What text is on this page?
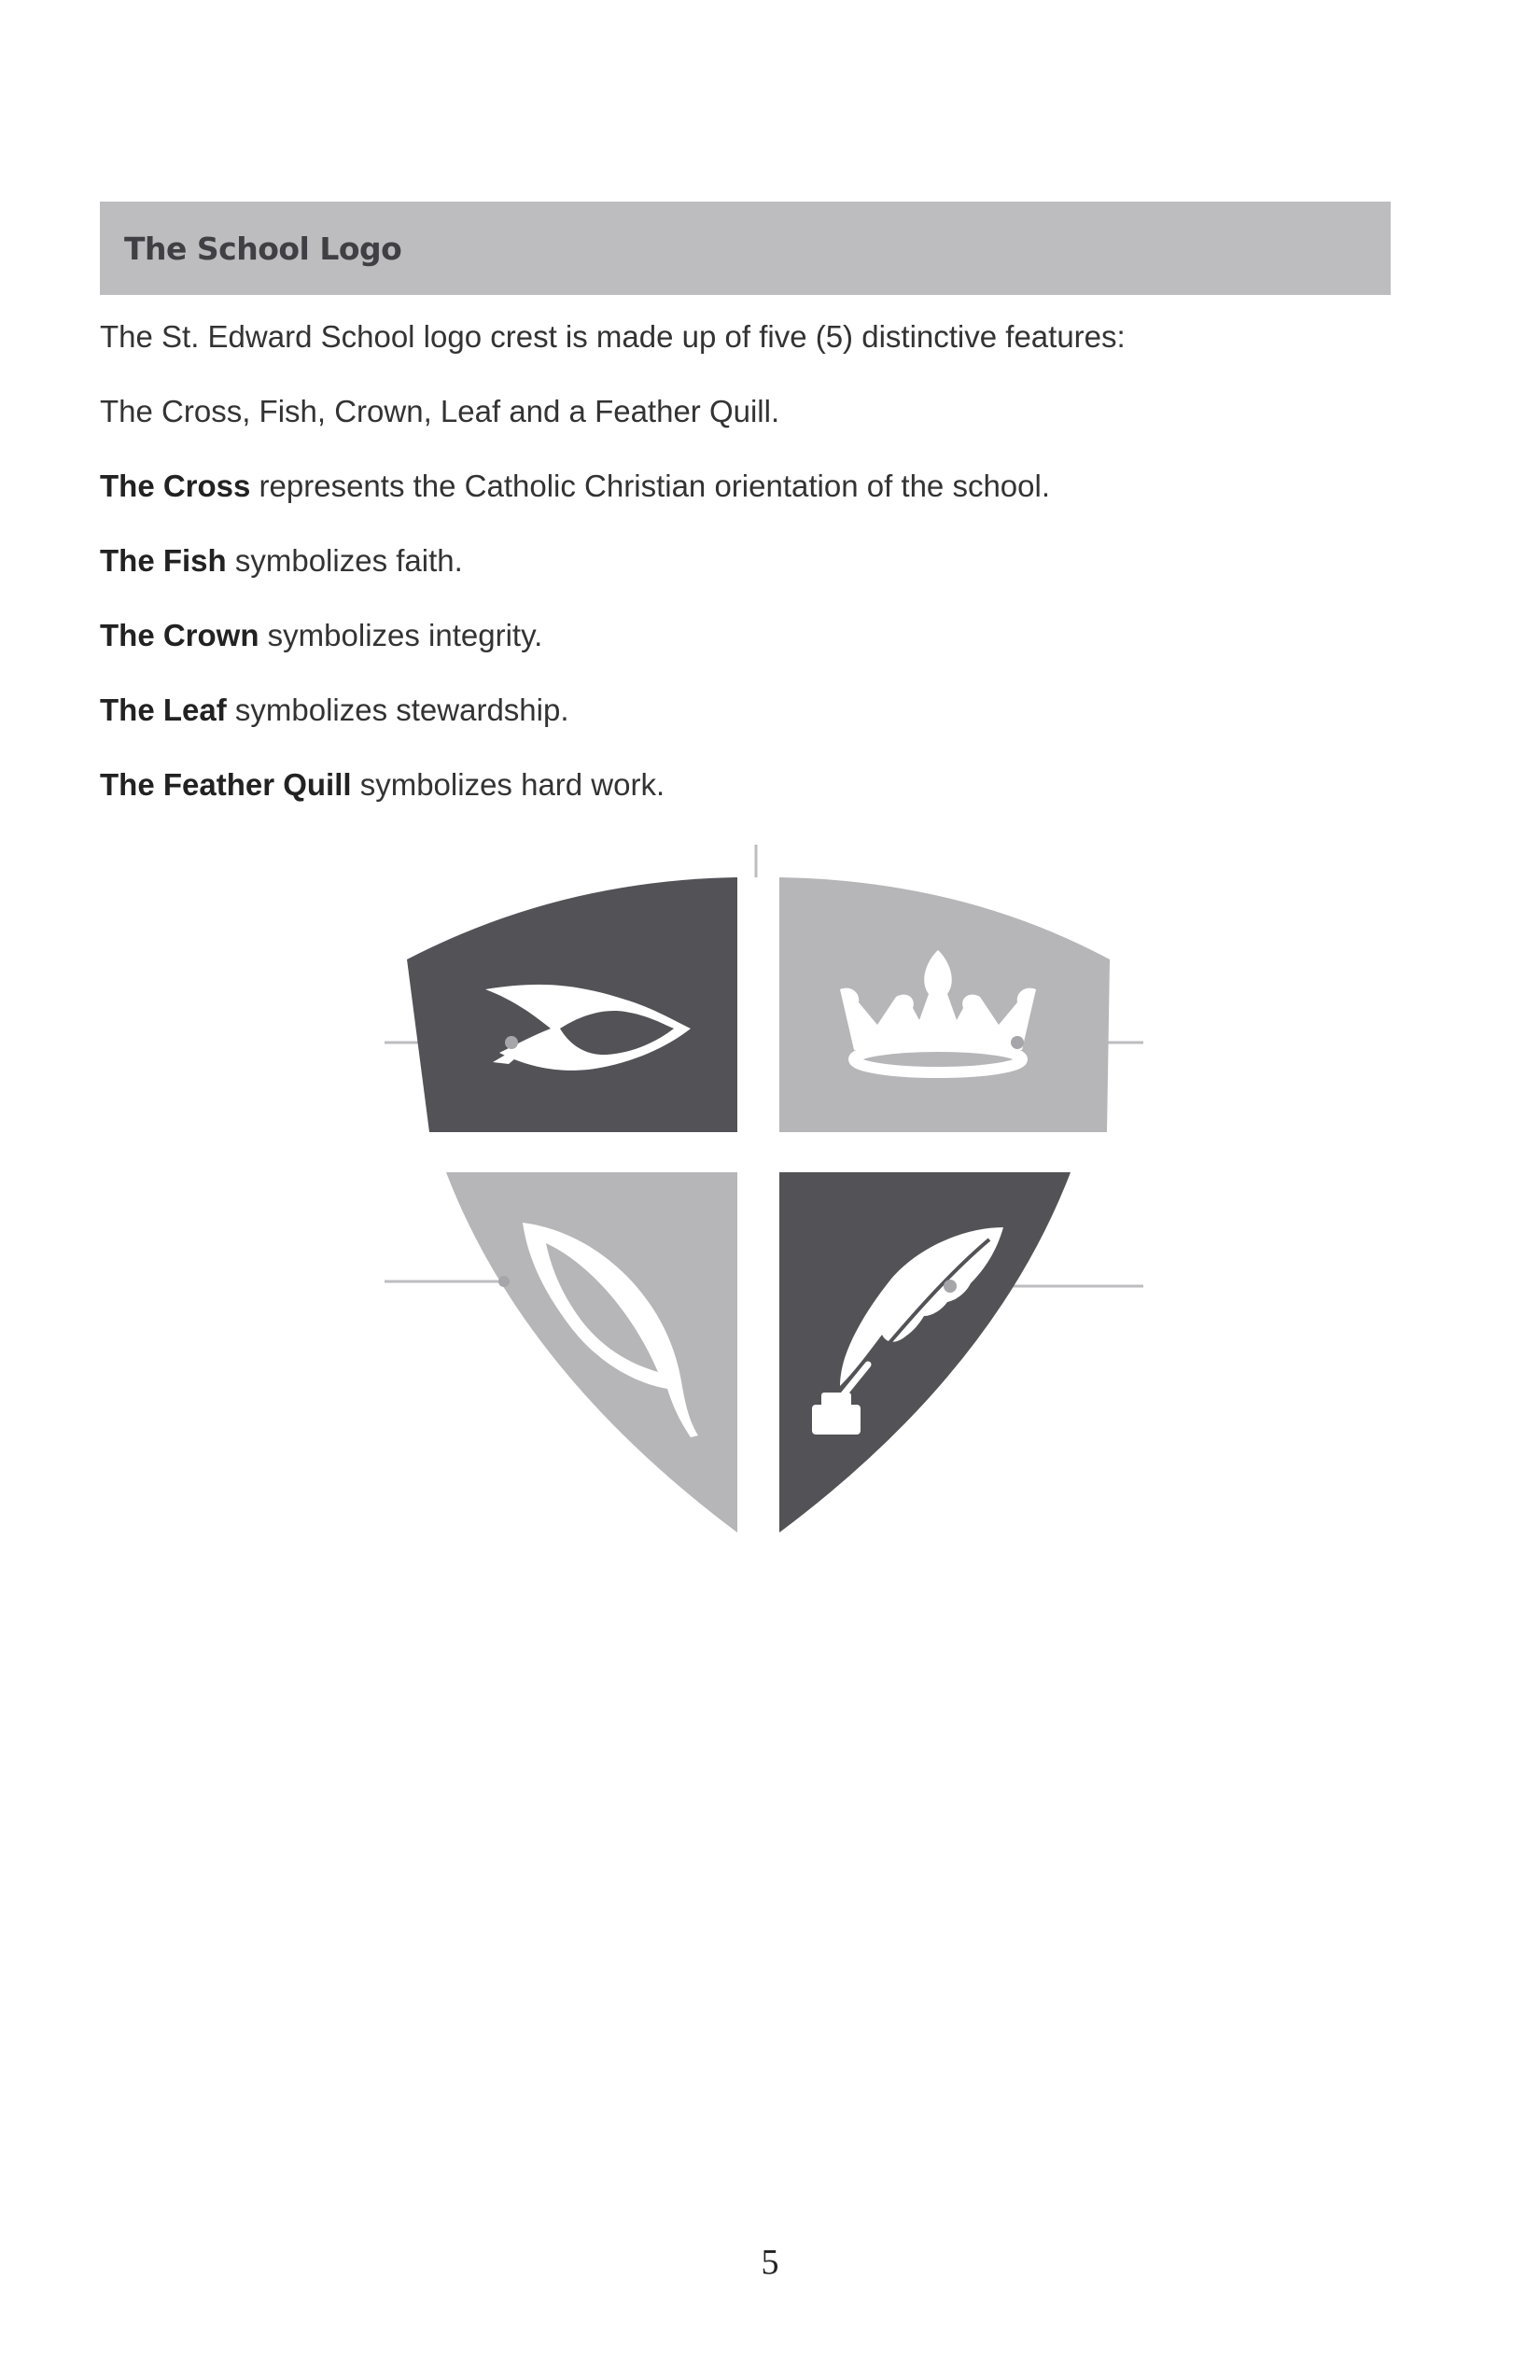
The School Logo

The St. Edward School logo crest is made up of five (5) distinctive features:

The Cross, Fish, Crown, Leaf and a Feather Quill.

The Cross represents the Catholic Christian orientation of the school.

The Fish symbolizes faith.

The Crown symbolizes integrity.

The Leaf symbolizes stewardship.

The Feather Quill symbolizes hard work.

5
